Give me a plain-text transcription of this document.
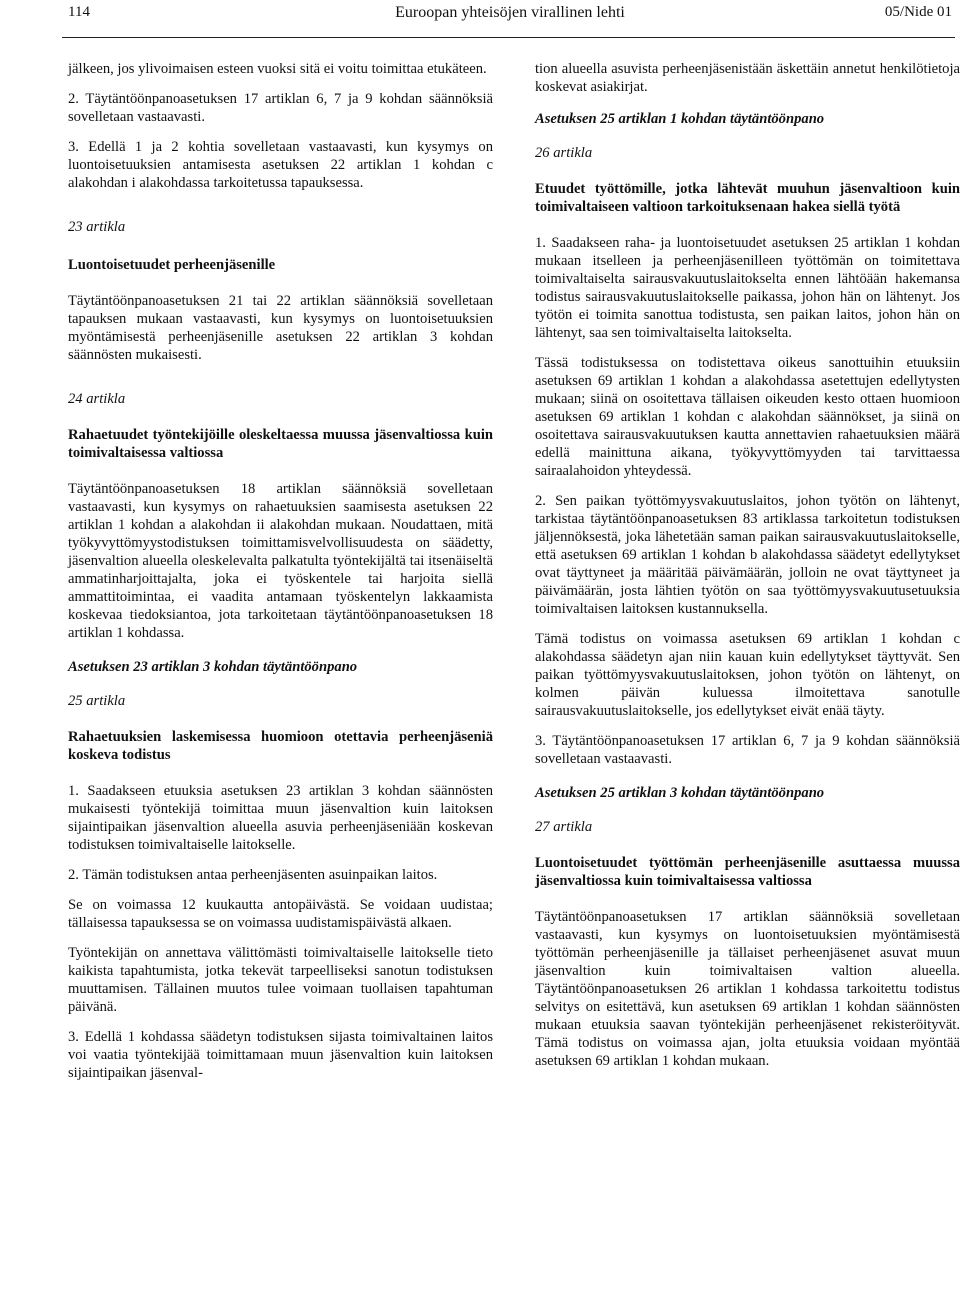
114	Euroopan yhteisöjen virallinen lehti	05/Nide 01

jälkeen, jos ylivoimaisen esteen vuoksi sitä ei voitu toimittaa etukäteen.

2. Täytäntöönpanoasetuksen 17 artiklan 6, 7 ja 9 kohdan säännöksiä sovelletaan vastaavasti.

3. Edellä 1 ja 2 kohtia sovelletaan vastaavasti, kun kysymys on luontoisetuuksien antamisesta asetuksen 22 artiklan 1 kohdan c alakohdan i alakohdassa tarkoitetussa tapauksessa.

23 artikla

Luontoisetuudet perheenjäsenille

Täytäntöönpanoasetuksen 21 tai 22 artiklan säännöksiä sovelletaan tapauksen mukaan vastaavasti, kun kysymys on luontoisetuuksien myöntämisestä perheenjäsenille asetuksen 22 artiklan 3 kohdan säännösten mukaisesti.

24 artikla

Rahaetuudet työntekijöille oleskeltaessa muussa jäsenvaltiossa kuin toimivaltaisessa valtiossa

Täytäntöönpanoasetuksen 18 artiklan säännöksiä sovelletaan vastaavasti, kun kysymys on rahaetuuksien saamisesta asetuksen 22 artiklan 1 kohdan a alakohdan ii alakohdan mukaan. Noudattaen, mitä työkyvyttömyystodistuksen toimittamisvelvollisuudesta on säädetty, jäsenvaltion alueella oleskelevalta palkatulta työntekijältä tai itsenäiseltä ammatinharjoittajalta, joka ei työskentele tai harjoita siellä ammattitoimintaa, ei vaadita antamaan työskentelyn lakkaamista koskevaa tiedoksiantoa, jota tarkoitetaan täytäntöönpanoasetuksen 18 artiklan 1 kohdassa.

Asetuksen 23 artiklan 3 kohdan täytäntöönpano

25 artikla

Rahaetuuksien laskemisessa huomioon otettavia perheenjäseniä koskeva todistus

1. Saadakseen etuuksia asetuksen 23 artiklan 3 kohdan säännösten mukaisesti työntekijä toimittaa muun jäsenvaltion kuin laitoksen sijaintipaikan jäsenvaltion alueella asuvia perheenjäseniään koskevan todistuksen toimivaltaiselle laitokselle.

2. Tämän todistuksen antaa perheenjäsenten asuinpaikan laitos.

Se on voimassa 12 kuukautta antopäivästä. Se voidaan uudistaa; tällaisessa tapauksessa se on voimassa uudistamispäivästä alkaen.

Työntekijän on annettava välittömästi toimivaltaiselle laitokselle tieto kaikista tapahtumista, jotka tekevät tarpeelliseksi sanotun todistuksen muuttamisen. Tällainen muutos tulee voimaan tuollaisen tapahtuman päivänä.

3. Edellä 1 kohdassa säädetyn todistuksen sijasta toimivaltainen laitos voi vaatia työntekijää toimittamaan muun jäsenvaltion kuin laitoksen sijaintipaikan jäsenval-

tion alueella asuvista perheenjäsenistään äskettäin annetut henkilötietoja koskevat asiakirjat.

Asetuksen 25 artiklan 1 kohdan täytäntöönpano

26 artikla

Etuudet työttömille, jotka lähtevät muuhun jäsenvaltioon kuin toimivaltaiseen valtioon tarkoituksenaan hakea siellä työtä

1. Saadakseen raha- ja luontoisetuudet asetuksen 25 artiklan 1 kohdan mukaan itselleen ja perheenjäsenilleen työttömän on toimitettava toimivaltaiselta sairausvakuutuslaitokselta ennen lähtöään hakemansa todistus sairausvakuutuslaitokselle paikassa, johon hän on lähtenyt. Jos työtön ei toimita sanottua todistusta, sen paikan laitos, johon hän on lähtenyt, saa sen toimivaltaiselta laitokselta.

Tässä todistuksessa on todistettava oikeus sanottuihin etuuksiin asetuksen 69 artiklan 1 kohdan a alakohdassa asetettujen edellytysten mukaan; siinä on osoitettava tällaisen oikeuden kesto ottaen huomioon asetuksen 69 artiklan 1 kohdan c alakohdan säännökset, ja siinä on osoitettava sairausvakuutuksen kautta annettavien rahaetuuksien määrä edellä mainittuna aikana, työkyvyttömyyden tai tarvittaessa sairaalahoidon yhteydessä.

2. Sen paikan työttömyysvakuutuslaitos, johon työtön on lähtenyt, tarkistaa täytäntöönpanoasetuksen 83 artiklassa tarkoitetun todistuksen jäljennöksestä, joka lähetetään saman paikan sairausvakuutuslaitokselle, että asetuksen 69 artiklan 1 kohdan b alakohdassa säädetyt edellytykset ovat täyttyneet ja määritää päivämäärän, jolloin ne ovat täyttyneet ja päivämäärän, josta lähtien työtön on saa työttömyysvakuutusetuuksia toimivaltaisen laitoksen kustannuksella.

Tämä todistus on voimassa asetuksen 69 artiklan 1 kohdan c alakohdassa säädetyn ajan niin kauan kuin edellytykset täyttyvät. Sen paikan työttömyysvakuutuslaitoksen, johon työtön on lähtenyt, on kolmen päivän kuluessa ilmoitettava sanotulle sairausvakuutuslaitokselle, jos edellytykset eivät enää täyty.

3. Täytäntöönpanoasetuksen 17 artiklan 6, 7 ja 9 kohdan säännöksiä sovelletaan vastaavasti.

Asetuksen 25 artiklan 3 kohdan täytäntöönpano

27 artikla

Luontoisetuudet työttömän perheenjäsenille asuttaessa muussa jäsenvaltiossa kuin toimivaltaisessa valtiossa

Täytäntöönpanoasetuksen 17 artiklan säännöksiä sovelletaan vastaavasti, kun kysymys on luontoisetuuksien myöntämisestä työttömän perheenjäsenille ja tällaiset perheenjäsenet asuvat muun jäsenvaltion kuin toimivaltaisen valtion alueella. Täytäntöönpanoasetuksen 26 artiklan 1 kohdassa tarkoitettu todistus selvitys on esitettävä, kun asetuksen 69 artiklan 1 kohdan säännösten mukaan etuuksia saavan työntekijän perheenjäsenet rekisteröityvät. Tämä todistus on voimassa ajan, jolta etuuksia voidaan myöntää asetuksen 69 artiklan 1 kohdan mukaan.
